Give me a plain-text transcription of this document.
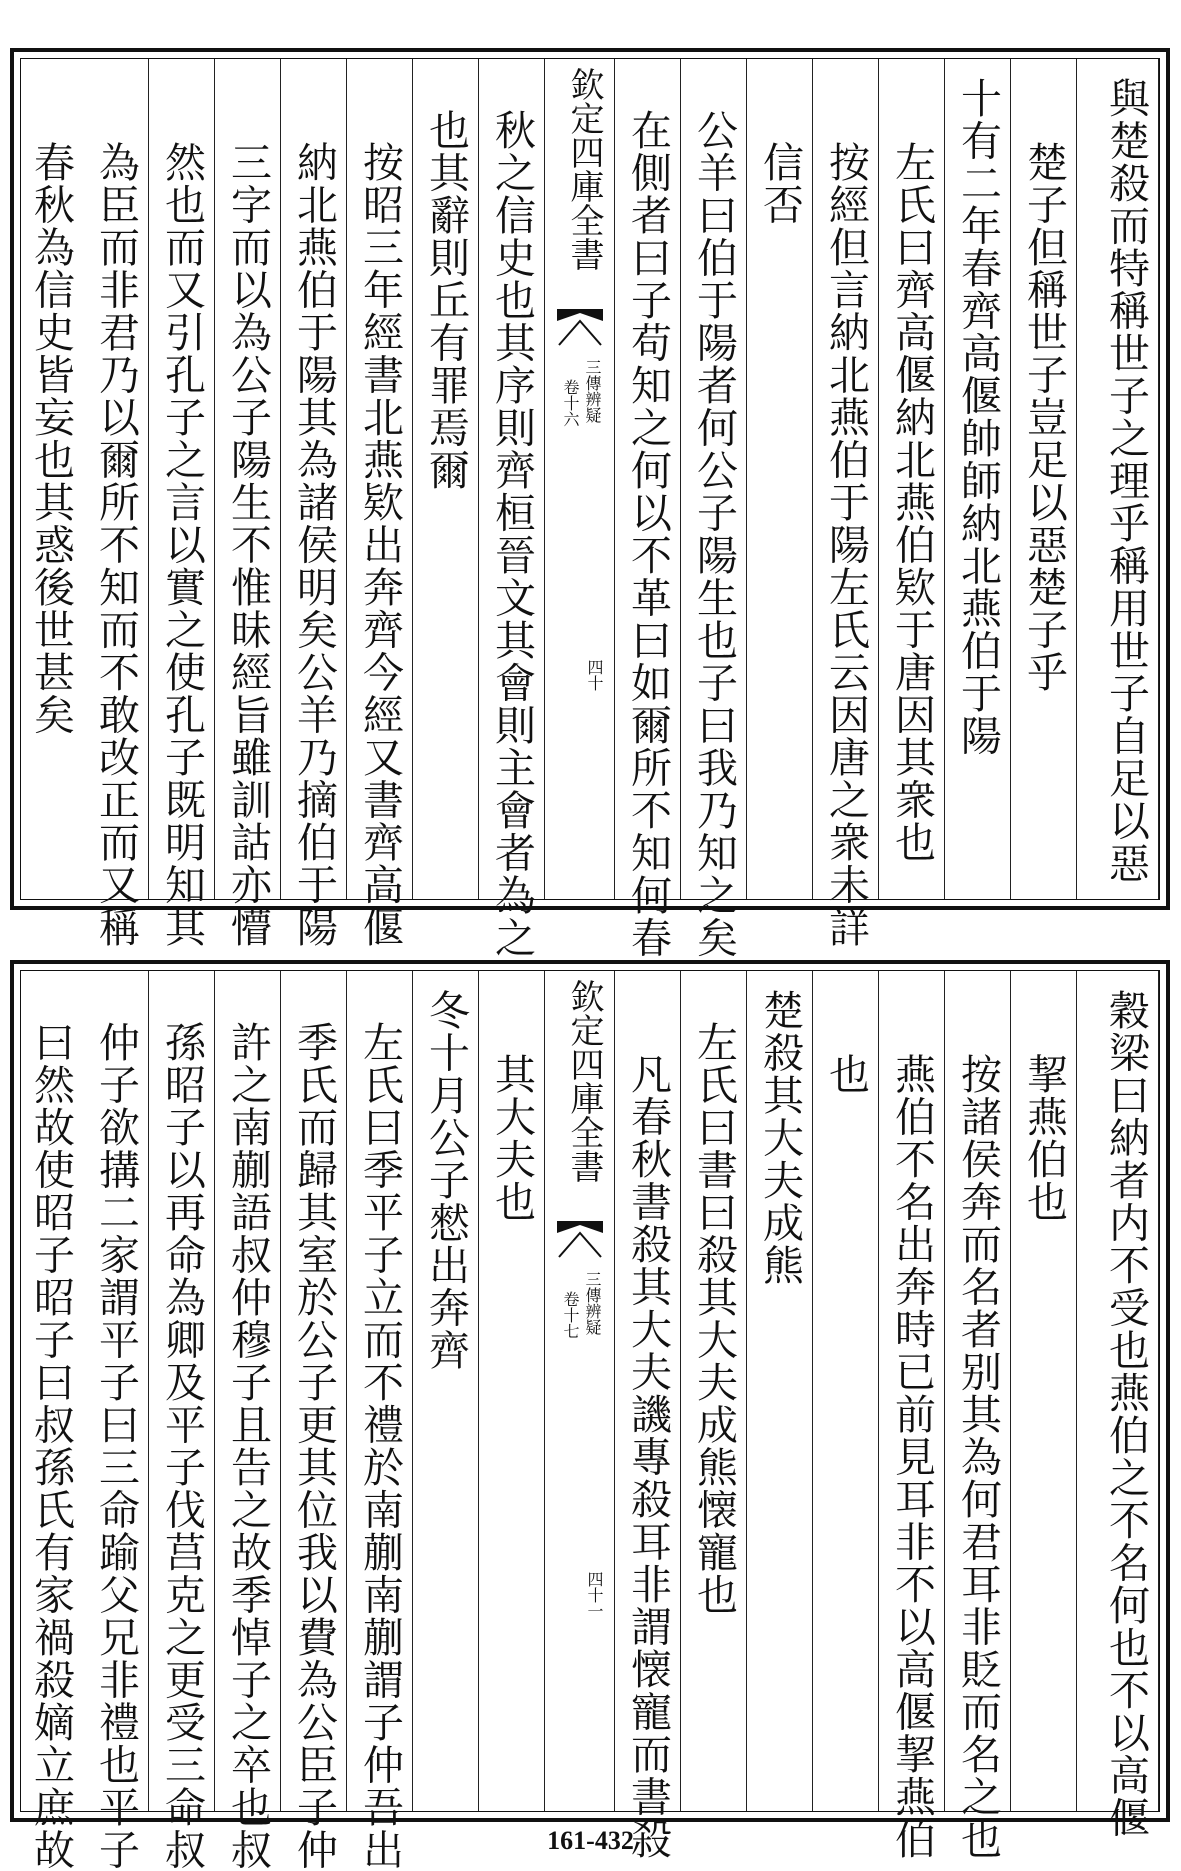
與楚殺而特稱世子之理乎稱用世子自足以惡
楚子但稱世子豈足以惡楚子乎
十有二年春齊高偃帥師納北燕伯于陽
左氏曰齊高偃納北燕伯欵于唐因其衆也
按經但言納北燕伯于陽左氏云因唐之衆未詳
信否
公羊曰伯于陽者何公子陽生也子曰我乃知之矣
在側者曰子苟知之何以不革曰如爾所不知何春
欽定四庫全書
三傳辨疑
卷十六
四十
秋之信史也其序則齊桓晉文其會則主會者為之
也其辭則丘有罪焉爾
按昭三年經書北燕欵出奔齊今經又書齊高偃
納北燕伯于陽其為諸侯明矣公羊乃摘伯于陽
三字而以為公子陽生不惟昧經旨雖訓詁亦懵
然也而又引孔子之言以實之使孔子既明知其
為臣而非君乃以爾所不知而不敢改正而又稱
春秋為信史皆妄也其惑後世甚矣
穀梁曰納者内不受也燕伯之不名何也不以高偃
挈燕伯也
按諸侯奔而名者别其為何君耳非貶而名之也
燕伯不名出奔時已前見耳非不以高偃挈燕伯
也
楚殺其大夫成熊
左氏曰書曰殺其大夫成熊懐寵也
凡春秋書殺其大夫譏專殺耳非謂懐寵而書殺
欽定四庫全書
三傳辨疑
卷十七
四十一
其大夫也
冬十月公子憖出奔齊
左氏曰季平子立而不禮於南蒯南蒯謂子仲吾出
季氏而歸其室於公子更其位我以費為公臣子仲
許之南蒯語叔仲穆子且告之故季悼子之卒也叔
孫昭子以再命為卿及平子伐莒克之更受三命叔
仲子欲搆二家謂平子曰三命踰父兄非禮也平子
曰然故使昭子昭子曰叔孫氏有家禍殺嫡立庶故	161-432
